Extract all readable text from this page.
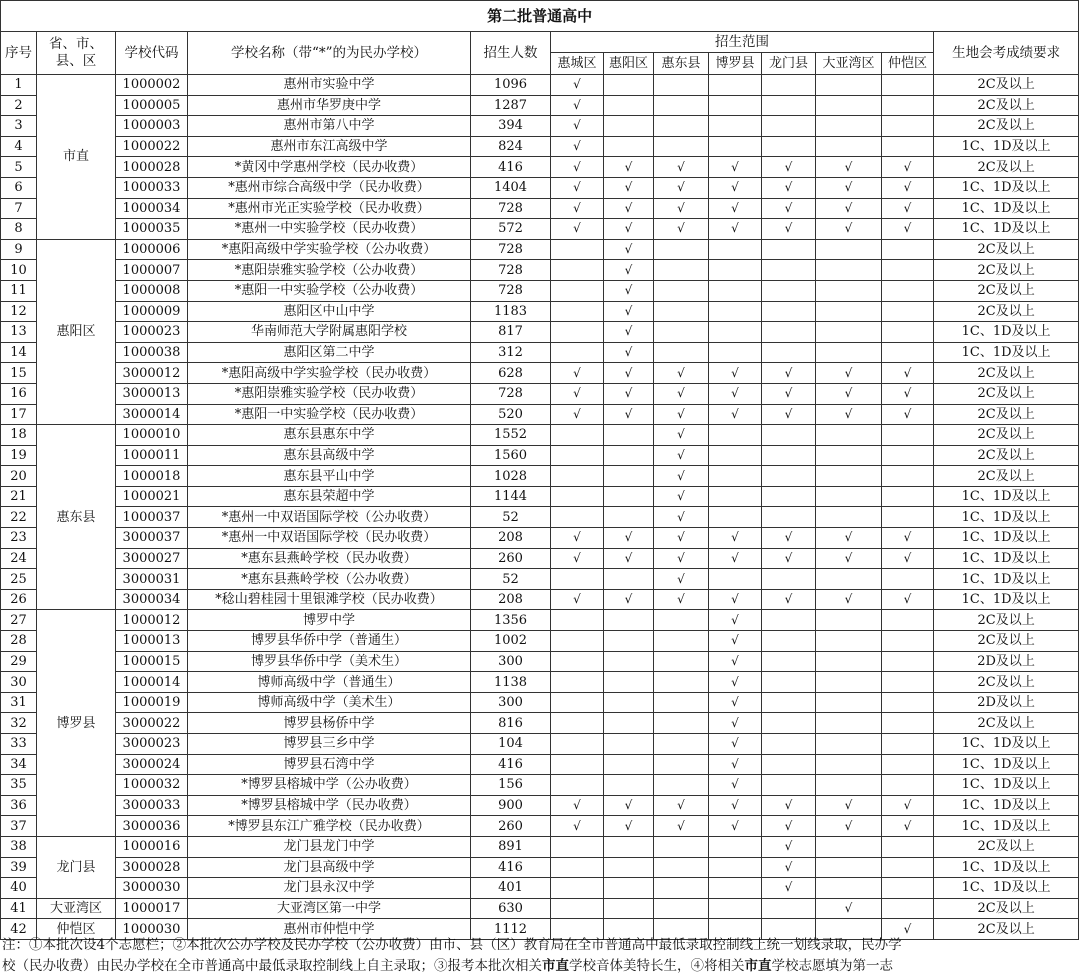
第二批普通高中												
序号	省、市、县、区	学校代码	学校名称（带“*”的为民办学校）	招生人数	招生范围							生地会考成绩要求
					惠城区	惠阳区	惠东县	博罗县	龙门县	大亚湾区	仲恺区	
1	市直	1000002	惠州市实验中学	1096	√							2C及以上
2		1000005	惠州市华罗庚中学	1287	√							2C及以上
3		1000003	惠州市第八中学	394	√							2C及以上
4		1000022	惠州市东江高级中学	824	√							1C、1D及以上
5		1000028	*黄冈中学惠州学校（民办收费）	416	√	√	√	√	√	√	√	2C及以上
6		1000033	*惠州市综合高级中学（民办收费）	1404	√	√	√	√	√	√	√	1C、1D及以上
7		1000034	*惠州市光正实验学校（民办收费）	728	√	√	√	√	√	√	√	1C、1D及以上
8		1000035	*惠州一中实验学校（民办收费）	572	√	√	√	√	√	√	√	1C、1D及以上
9	惠阳区	1000006	*惠阳高级中学实验学校（公办收费）	728		√						2C及以上
10		1000007	*惠阳崇雅实验学校（公办收费）	728		√						2C及以上
11		1000008	*惠阳一中实验学校（公办收费）	728		√						2C及以上
12		1000009	惠阳区中山中学	1183		√						2C及以上
13		1000023	华南师范大学附属惠阳学校	817		√						1C、1D及以上
14		1000038	惠阳区第二中学	312		√						1C、1D及以上
15		3000012	*惠阳高级中学实验学校（民办收费）	628	√	√	√	√	√	√	√	2C及以上
16		3000013	*惠阳崇雅实验学校（民办收费）	728	√	√	√	√	√	√	√	2C及以上
17		3000014	*惠阳一中实验学校（民办收费）	520	√	√	√	√	√	√	√	2C及以上
18	惠东县	1000010	惠东县惠东中学	1552			√					2C及以上
19		1000011	惠东县高级中学	1560			√					2C及以上
20		1000018	惠东县平山中学	1028			√					2C及以上
21		1000021	惠东县荣超中学	1144			√					1C、1D及以上
22		1000037	*惠州一中双语国际学校（公办收费）	52			√					1C、1D及以上
23		3000037	*惠州一中双语国际学校（民办收费）	208	√	√	√	√	√	√	√	1C、1D及以上
24		3000027	*惠东县燕岭学校（民办收费）	260	√	√	√	√	√	√	√	1C、1D及以上
25		3000031	*惠东县燕岭学校（公办收费）	52			√					1C、1D及以上
26		3000034	*稔山碧桂园十里银滩学校（民办收费）	208	√	√	√	√	√	√	√	1C、1D及以上
27	博罗县	1000012	博罗中学	1356				√				2C及以上
28		1000013	博罗县华侨中学（普通生）	1002				√				2C及以上
29		1000015	博罗县华侨中学（美术生）	300				√				2D及以上
30		1000014	博师高级中学（普通生）	1138				√				2C及以上
31		1000019	博师高级中学（美术生）	300				√				2D及以上
32		3000022	博罗县杨侨中学	816				√				2C及以上
33		3000023	博罗县三乡中学	104				√				1C、1D及以上
34		3000024	博罗县石湾中学	416				√				1C、1D及以上
35		1000032	*博罗县榕城中学（公办收费）	156				√				1C、1D及以上
36		3000033	*博罗县榕城中学（民办收费）	900	√	√	√	√	√	√	√	1C、1D及以上
37		3000036	*博罗县东江广雅学校（民办收费）	260	√	√	√	√	√	√	√	1C、1D及以上
38	龙门县	1000016	龙门县龙门中学	891					√			2C及以上
39		3000028	龙门县高级中学	416					√			1C、1D及以上
40		3000030	龙门县永汉中学	401					√			1C、1D及以上
41	大亚湾区	1000017	大亚湾区第一中学	630						√		2C及以上
42	仲恺区	1000030	惠州市仲恺中学	1112							√	2C及以上
注：①本批次设4个志愿栏；②本批次公办学校及民办学校（公办收费）由市、县（区）教育局在全市普通高中最低录取控制线上统一划线录取，民办学
校（民办收费）由民办学校在全市普通高中最低录取控制线上自主录取；③报考本批次相关市直学校音体美特长生，④将相关市直学校志愿填为第一志
